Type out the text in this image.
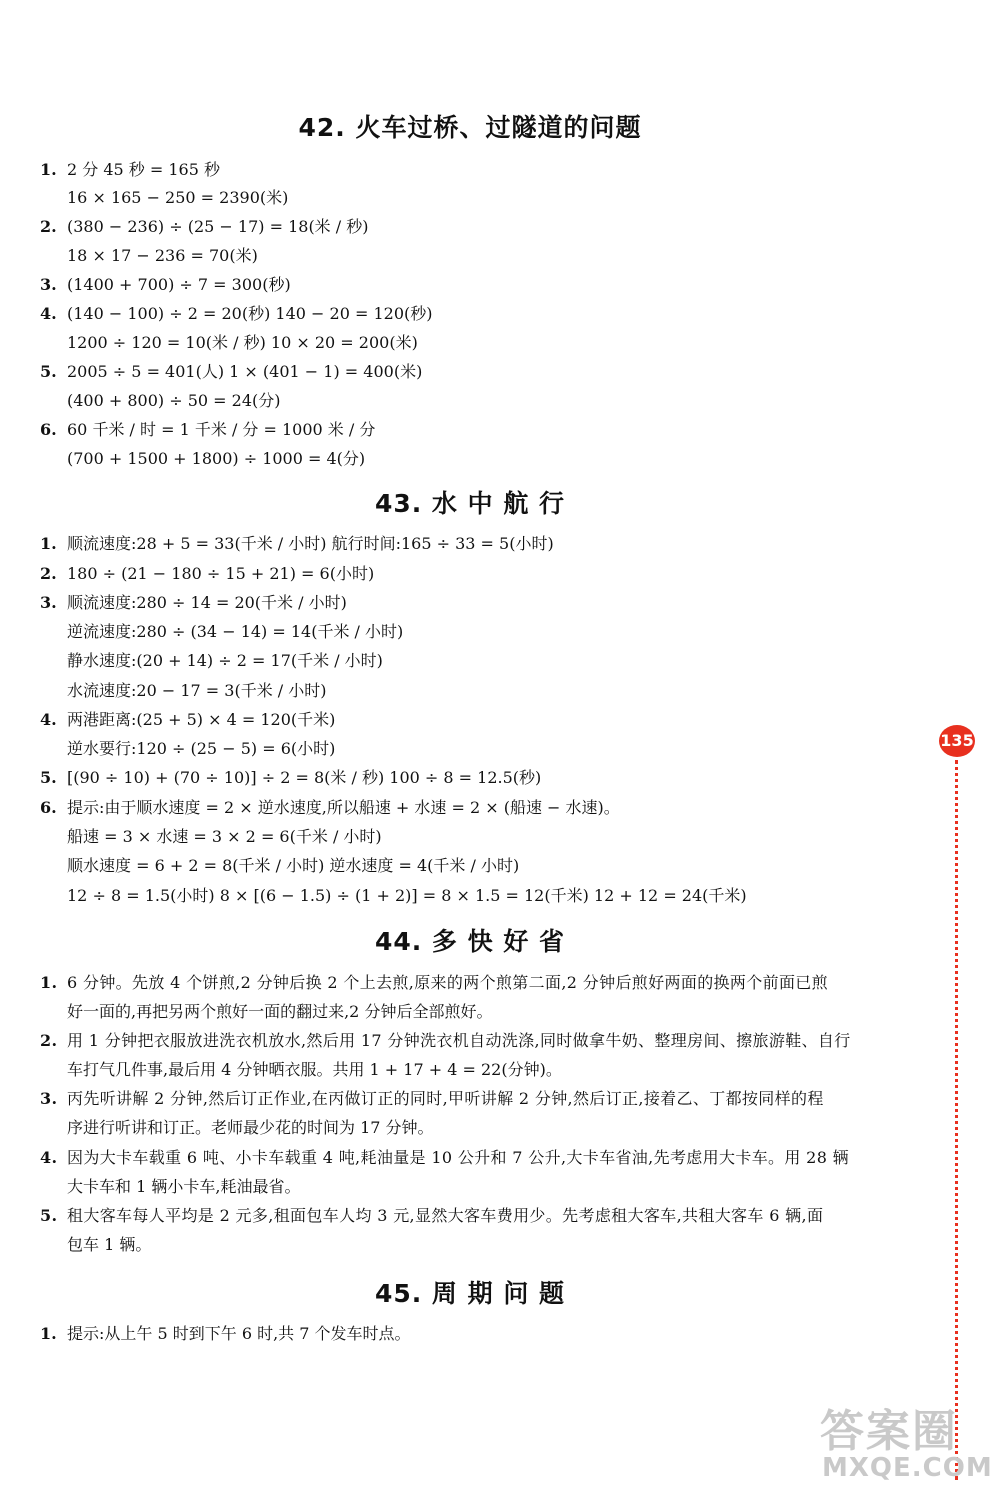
42. 火车过桥、过隧道的问题
1. 2 分 45 秒 = 165 秒
16 × 165 − 250 = 2390(米)
2. (380 − 236) ÷ (25 − 17) = 18(米 / 秒)
18 × 17 − 236 = 70(米)
3. (1400 + 700) ÷ 7 = 300(秒)
4. (140 − 100) ÷ 2 = 20(秒) 140 − 20 = 120(秒)
1200 ÷ 120 = 10(米 / 秒) 10 × 20 = 200(米)
5. 2005 ÷ 5 = 401(人) 1 × (401 − 1) = 400(米)
(400 + 800) ÷ 50 = 24(分)
6. 60 千米 / 时 = 1 千米 / 分 = 1000 米 / 分
(700 + 1500 + 1800) ÷ 1000 = 4(分)
43. 水 中 航 行
1. 顺流速度:28 + 5 = 33(千米 / 小时) 航行时间:165 ÷ 33 = 5(小时)
2. 180 ÷ (21 − 180 ÷ 15 + 21) = 6(小时)
3. 顺流速度:280 ÷ 14 = 20(千米 / 小时)
逆流速度:280 ÷ (34 − 14) = 14(千米 / 小时)
静水速度:(20 + 14) ÷ 2 = 17(千米 / 小时)
水流速度:20 − 17 = 3(千米 / 小时)
4. 两港距离:(25 + 5) × 4 = 120(千米)
逆水要行:120 ÷ (25 − 5) = 6(小时)
5. [(90 ÷ 10) + (70 ÷ 10)] ÷ 2 = 8(米 / 秒) 100 ÷ 8 = 12.5(秒)
6. 提示:由于顺水速度 = 2 × 逆水速度,所以船速 + 水速 = 2 × (船速 − 水速)。
船速 = 3 × 水速 = 3 × 2 = 6(千米 / 小时)
顺水速度 = 6 + 2 = 8(千米 / 小时) 逆水速度 = 4(千米 / 小时)
12 ÷ 8 = 1.5(小时) 8 × [(6 − 1.5) ÷ (1 + 2)] = 8 × 1.5 = 12(千米) 12 + 12 = 24(千米)
44. 多 快 好 省
1. 6 分钟。先放 4 个饼煎,2 分钟后换 2 个上去煎,原来的两个煎第二面,2 分钟后煎好两面的换两个前面已煎
好一面的,再把另两个煎好一面的翻过来,2 分钟后全部煎好。
2. 用 1 分钟把衣服放进洗衣机放水,然后用 17 分钟洗衣机自动洗涤,同时做拿牛奶、整理房间、擦旅游鞋、自行
车打气几件事,最后用 4 分钟晒衣服。共用 1 + 17 + 4 = 22(分钟)。
3. 丙先听讲解 2 分钟,然后订正作业,在丙做订正的同时,甲听讲解 2 分钟,然后订正,接着乙、丁都按同样的程
序进行听讲和订正。老师最少花的时间为 17 分钟。
4. 因为大卡车载重 6 吨、小卡车载重 4 吨,耗油量是 10 公升和 7 公升,大卡车省油,先考虑用大卡车。用 28 辆
大卡车和 1 辆小卡车,耗油最省。
5. 租大客车每人平均是 2 元多,租面包车人均 3 元,显然大客车费用少。先考虑租大客车,共租大客车 6 辆,面
包车 1 辆。
45. 周 期 问 题
1. 提示:从上午 5 时到下午 6 时,共 7 个发车时点。
135
答案圈
MXQE.COM
